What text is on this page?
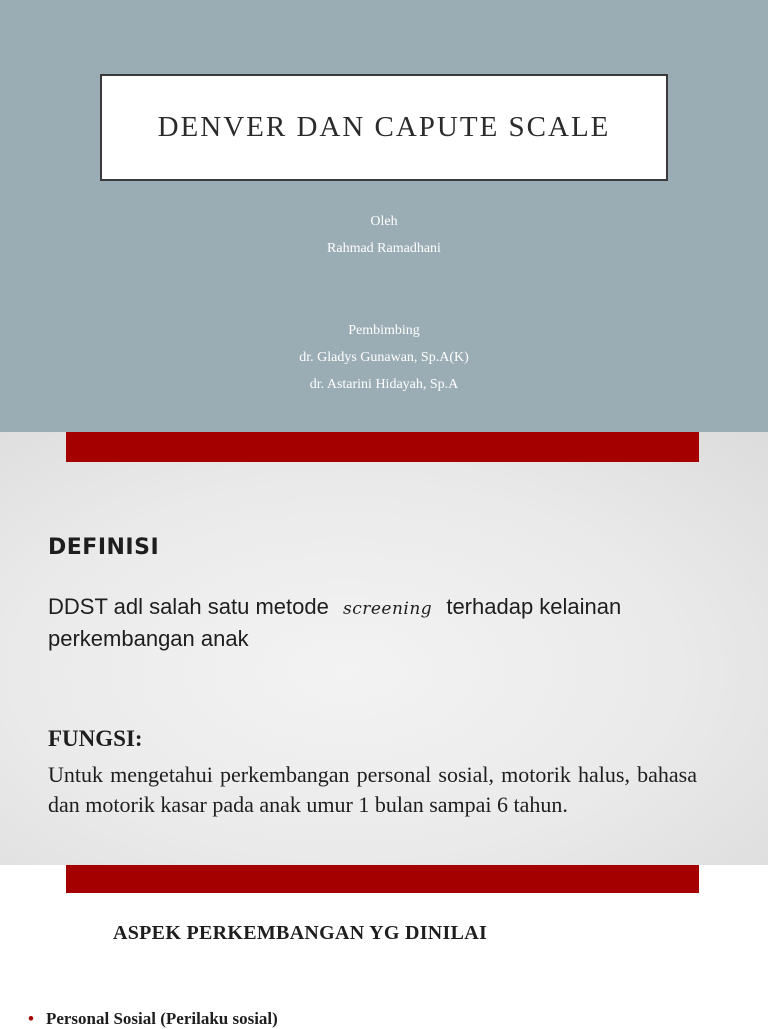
DENVER DAN CAPUTE SCALE
Oleh
Rahmad Ramadhani
Pembimbing
dr. Gladys Gunawan, Sp.A(K)
dr. Astarini Hidayah, Sp.A
DEFINISI
DDST adl salah satu metode screening terhadap kelainan perkembangan anak
FUNGSI:
Untuk mengetahui perkembangan personal sosial, motorik halus, bahasa dan motorik kasar pada anak umur 1 bulan sampai 6 tahun.
ASPEK PERKEMBANGAN YG DINILAI
• Personal Sosial (Perilaku sosial)
